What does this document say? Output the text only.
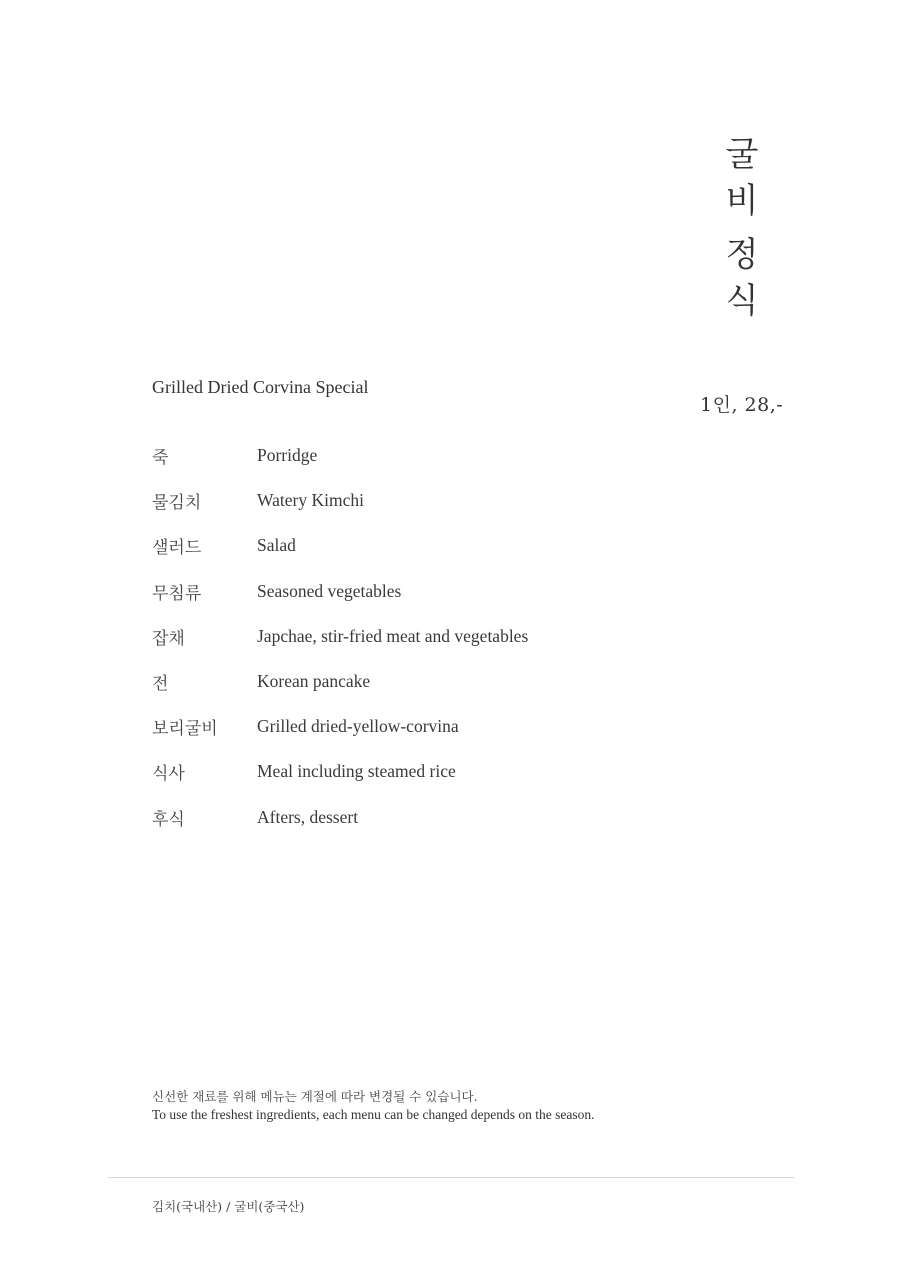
굴
비
정
식
Grilled Dried Corvina Special
1인, 28,-
죽	Porridge
물김치	Watery Kimchi
샐러드	Salad
무침류	Seasoned vegetables
잡채	Japchae, stir-fried meat and vegetables
전	Korean pancake
보리굴비	Grilled dried-yellow-corvina
식사	Meal including steamed rice
후식	Afters, dessert
신선한 재료를 위해 메뉴는 계절에 따라 변경될 수 있습니다.
To use the freshest ingredients, each menu can be changed depends on the season.
김치(국내산) / 굴비(중국산)
